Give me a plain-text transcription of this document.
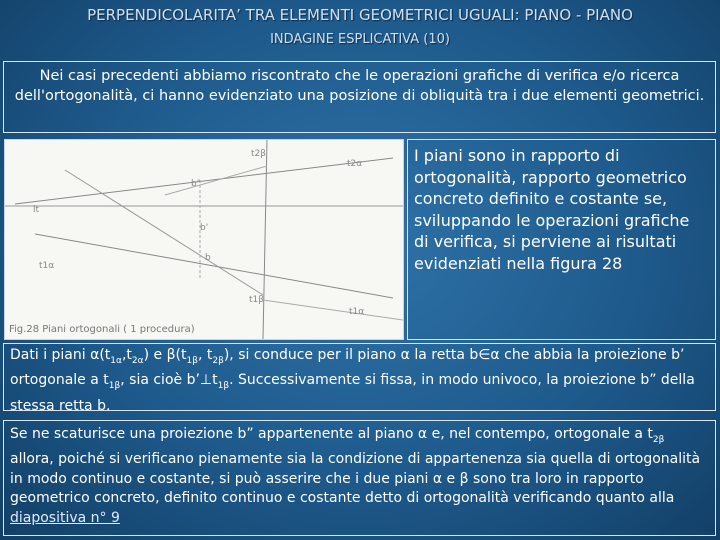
PERPENDICOLARITA’ TRA ELEMENTI GEOMETRICI UGUALI: PIANO - PIANO
INDAGINE ESPLICATIVA (10)
Nei casi precedenti abbiamo riscontrato che le operazioni grafiche di verifica e/o ricerca dell'ortogonalità, ci hanno evidenziato una posizione di obliquità tra i due elementi geometrici.
t2β
t2α
b"
lt
b'
t1α
b
t1β
t1α
Fig.28 Piani ortogonali ( 1 procedura)
I piani sono in rapporto di ortogonalità, rapporto geometrico concreto definito e costante se, sviluppando le operazioni grafiche di verifica, si perviene ai risultati evidenziati nella figura 28
Dati i piani $\alpha(t_{1\alpha},t_{2\alpha})$ e $\beta(t_{1\beta}$, $t_{2\beta}$), si conduce per il piano α la retta b∈α che abbia la proiezione b’ ortogonale a $t_{1\beta}$, sia cioè $b’\perp t_{1\beta}$. Successivamente si fissa, in modo univoco, la proiezione b” della stessa retta b.
Se ne scaturisce una proiezione b” appartenente al piano α e, nel contempo, ortogonale a $t_{2\beta}$ allora, poiché si verificano pienamente sia la condizione di appartenenza sia quella di ortogonalità in modo continuo e costante, si può asserire che i due piani α e β sono tra loro in rapporto geometrico concreto, definito continuo e costante detto di ortogonalità verificando quanto alla diapositiva n° 9
